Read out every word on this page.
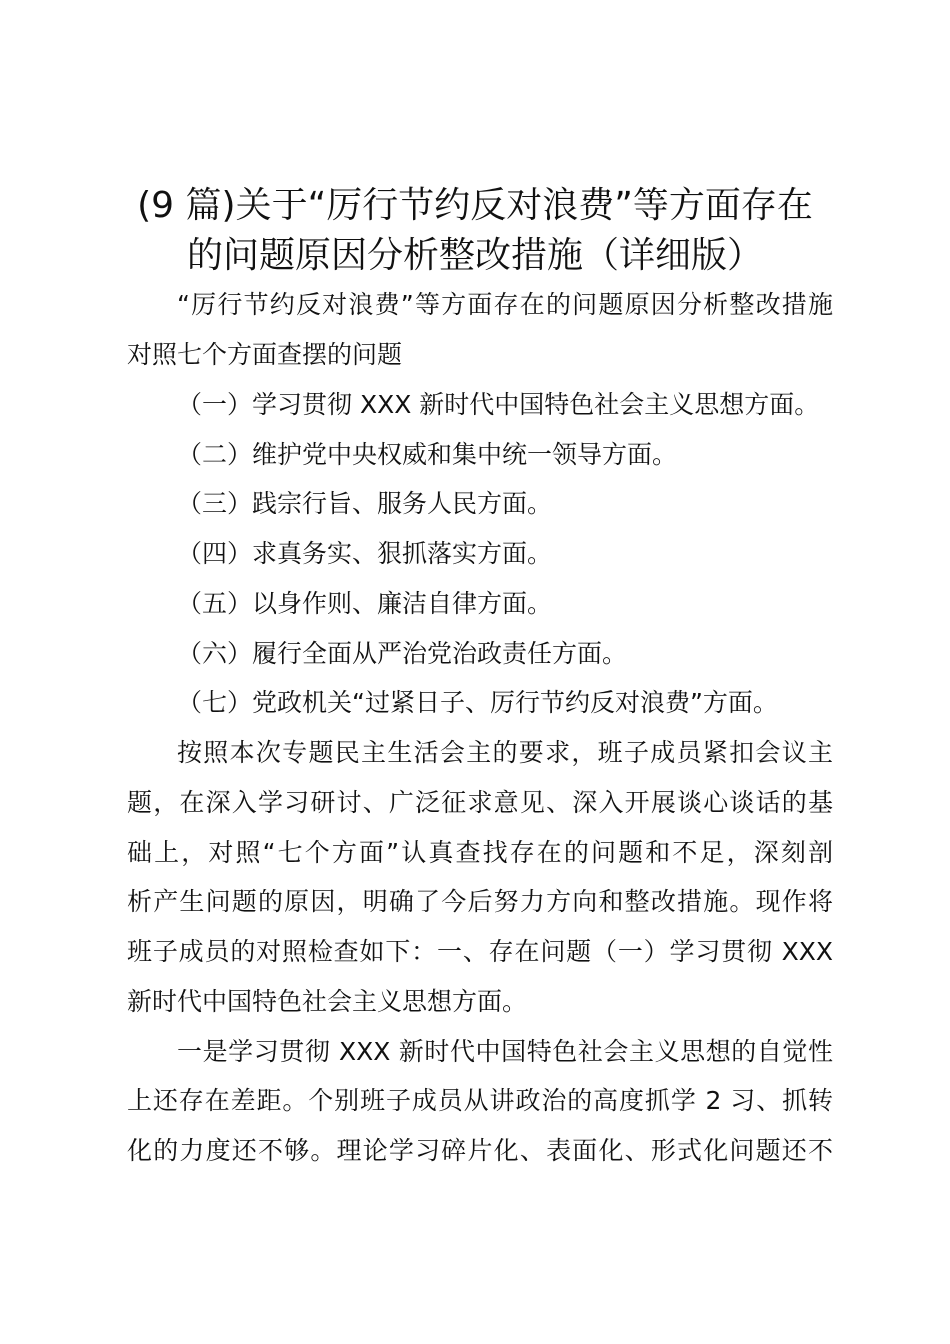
(9 篇)关于“厉行节约反对浪费”等方面存在
的问题原因分析整改措施（详细版）

“厉行节约反对浪费”等方面存在的问题原因分析整改措施

对照七个方面查摆的问题

（一）学习贯彻 XXX 新时代中国特色社会主义思想方面。

（二）维护党中央权威和集中统一领导方面。

（三）践宗行旨、服务人民方面。

（四）求真务实、狠抓落实方面。

（五）以身作则、廉洁自律方面。

（六）履行全面从严治党治政责任方面。

（七）党政机关“过紧日子、厉行节约反对浪费”方面。

按照本次专题民主生活会主的要求，班子成员紧扣会议主

题，在深入学习研讨、广泛征求意见、深入开展谈心谈话的基

础上，对照“七个方面”认真查找存在的问题和不足，深刻剖

析产生问题的原因，明确了今后努力方向和整改措施。现作将

班子成员的对照检查如下：一、存在问题（一）学习贯彻 XXX

新时代中国特色社会主义思想方面。

一是学习贯彻 XXX 新时代中国特色社会主义思想的自觉性

上还存在差距。个别班子成员从讲政治的高度抓学 2 习、抓转

化的力度还不够。理论学习碎片化、表面化、形式化问题还不
